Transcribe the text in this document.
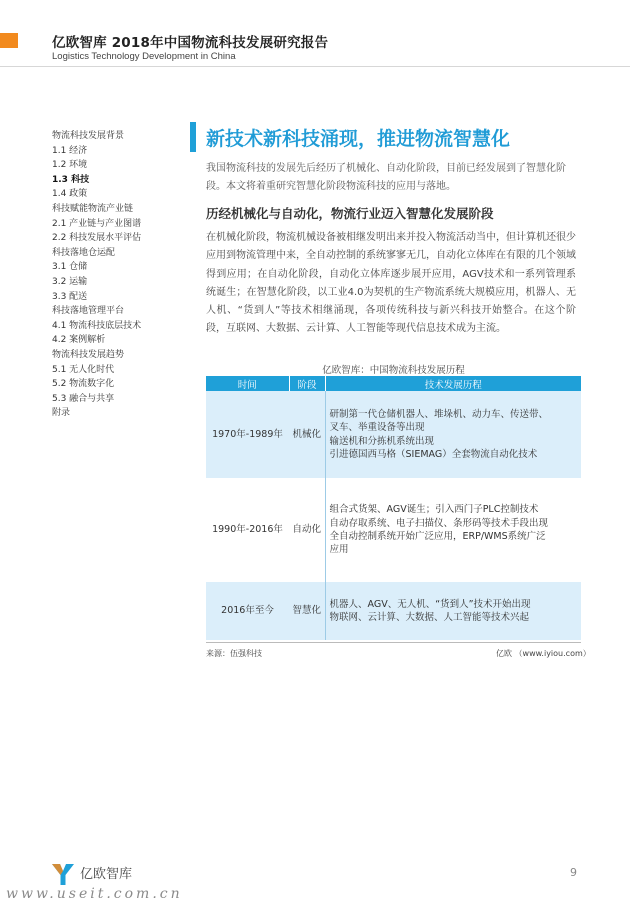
亿欧智库 2018年中国物流科技发展研究报告
Logistics Technology Development in China
物流科技发展背景
1.1 经济
1.2 环境
1.3 科技
1.4 政策
科技赋能物流产业链
2.1 产业链与产业图谱
2.2 科技发展水平评估
科技落地仓运配
3.1 仓储
3.2 运输
3.3 配送
科技落地管理平台
4.1 物流科技底层技术
4.2 案例解析
物流科技发展趋势
5.1 无人化时代
5.2 物流数字化
5.3 融合与共享
附录
新技术新科技涌现，推进物流智慧化

我国物流科技的发展先后经历了机械化、自动化阶段，目前已经发展到了智慧化阶段。本文将着重研究智慧化阶段物流科技的应用与落地。

历经机械化与自动化，物流行业迈入智慧化发展阶段

在机械化阶段，物流机械设备被相继发明出来并投入物流活动当中，但计算机还很少应用到物流管理中来，全自动控制的系统寥寥无几，自动化立体库在有限的几个领域得到应用；在自动化阶段，自动化立体库逐步展开应用，AGV技术和一系列管理系统诞生；在智慧化阶段，以工业4.0为契机的生产物流系统大规模应用，机器人、无人机、“货到人”等技术相继涌现，各项传统科技与新兴科技开始整合。在这个阶段，互联网、大数据、云计算、人工智能等现代信息技术成为主流。

亿欧智库：中国物流科技发展历程
时间	阶段	技术发展历程
1970年-1989年	机械化	研制第一代仓储机器人、堆垛机、动力车、传送带、
叉车、举重设备等出现
输送机和分拣机系统出现
引进德国西马格（SIEMAG）全套物流自动化技术

1990年-2016年	自动化	组合式货架、AGV诞生；引入西门子PLC控制技术
自动存取系统、电子扫描仪、条形码等技术手段出现
全自动控制系统开始广泛应用，ERP/WMS系统广泛
应用

2016年至今	智慧化	机器人、AGV、无人机、“货到人”技术开始出现
物联网、云计算、大数据、人工智能等技术兴起
来源：伍强科技	亿欧 （www.iyiou.com）
亿欧智库	9
www.useit.com.cn
